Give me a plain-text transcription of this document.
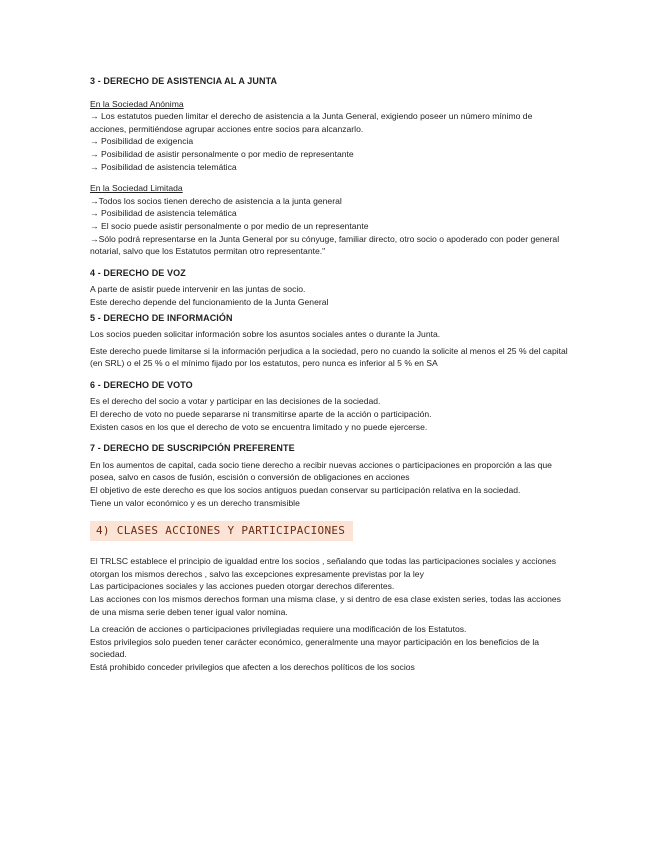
3 - DERECHO DE ASISTENCIA AL A JUNTA

En la Sociedad Anónima

→ Los estatutos pueden limitar el derecho de asistencia a la Junta General, exigiendo poseer un número mínimo de acciones, permitiéndose agrupar acciones entre socios para alcanzarlo.

→ Posibilidad de exigencia

→ Posibilidad de asistir personalmente o por medio de representante

→ Posibilidad de asistencia telemática

En la Sociedad Limitada

→Todos los socios tienen derecho de asistencia a la junta general

→ Posibilidad de asistencia telemática

→ El socio puede asistir personalmente o por medio de un representante

→Sólo podrá representarse en la Junta General por su cónyuge, familiar directo, otro socio o apoderado con poder general notarial, salvo que los Estatutos permitan otro representante."

4 - DERECHO DE VOZ

A parte de asistir puede intervenir en las juntas de socio.

Este derecho depende del funcionamiento de la Junta General

5 - DERECHO DE INFORMACIÓN

Los socios pueden solicitar información sobre los asuntos sociales antes o durante la Junta.

Este derecho puede limitarse si la información perjudica a la sociedad, pero no cuando la solicite al menos el 25 % del capital (en SRL) o el 25 % o el mínimo fijado por los estatutos, pero nunca es inferior al 5 % en SA

6 - DERECHO DE VOTO

Es el derecho del socio a votar y participar en las decisiones de la sociedad.

El derecho de voto no puede separarse ni transmitirse aparte de la acción o participación.

Existen casos en los que el derecho de voto se encuentra limitado y no puede ejercerse.

7 - DERECHO DE SUSCRIPCIÓN PREFERENTE

En los aumentos de capital, cada socio tiene derecho a recibir nuevas acciones o participaciones en proporción a las que posea, salvo en casos de fusión, escisión o conversión de obligaciones en acciones

El objetivo de este derecho es que los socios antiguos puedan conservar su participación relativa en la sociedad.

Tiene un valor económico y es un derecho transmisible

4) CLASES ACCIONES Y PARTICIPACIONES

El TRLSC establece el principio de igualdad entre los socios , señalando que todas las participaciones sociales y acciones otorgan los mismos derechos , salvo las excepciones expresamente previstas por la ley

Las participaciones sociales y las acciones pueden otorgar derechos diferentes.

Las acciones con los mismos derechos forman una misma clase, y si dentro de esa clase existen series, todas las acciones de una misma serie deben tener igual valor nomina.

La creación de acciones o participaciones privilegiadas requiere una modificación de los Estatutos.

Estos privilegios solo pueden tener carácter económico, generalmente una mayor participación en los beneficios de la sociedad.

Está prohibido conceder privilegios que afecten a los derechos políticos de los socios
